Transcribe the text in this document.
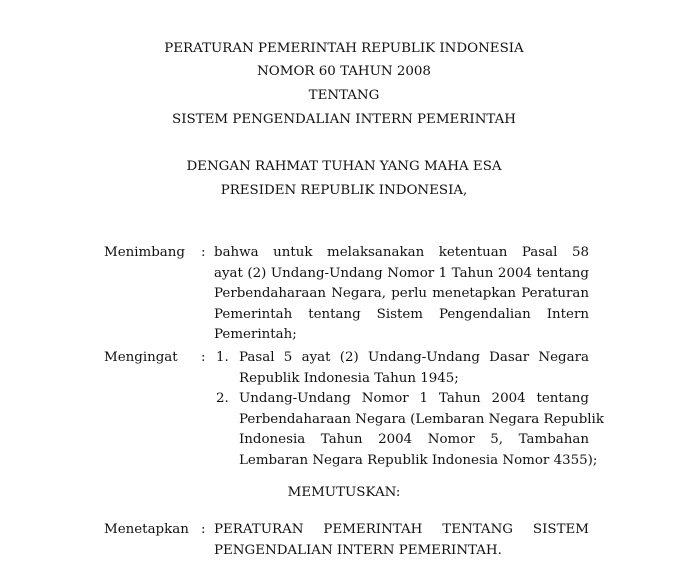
PERATURAN PEMERINTAH REPUBLIK INDONESIA
NOMOR 60 TAHUN 2008
TENTANG
SISTEM PENGENDALIAN INTERN PEMERINTAH
DENGAN RAHMAT TUHAN YANG MAHA ESA
PRESIDEN REPUBLIK INDONESIA,
Menimbang : bahwa untuk melaksanakan ketentuan Pasal 58
ayat (2) Undang-Undang Nomor 1 Tahun 2004 tentang
Perbendaharaan Negara, perlu menetapkan Peraturan
Pemerintah tentang Sistem Pengendalian Intern
Pemerintah;
Mengingat : 1. Pasal 5 ayat (2) Undang-Undang Dasar Negara
Republik Indonesia Tahun 1945;
2. Undang-Undang Nomor 1 Tahun 2004 tentang
Perbendaharaan Negara (Lembaran Negara Republik
Indonesia Tahun 2004 Nomor 5, Tambahan
Lembaran Negara Republik Indonesia Nomor 4355);
MEMUTUSKAN:
Menetapkan : PERATURAN PEMERINTAH TENTANG SISTEM
PENGENDALIAN INTERN PEMERINTAH.
